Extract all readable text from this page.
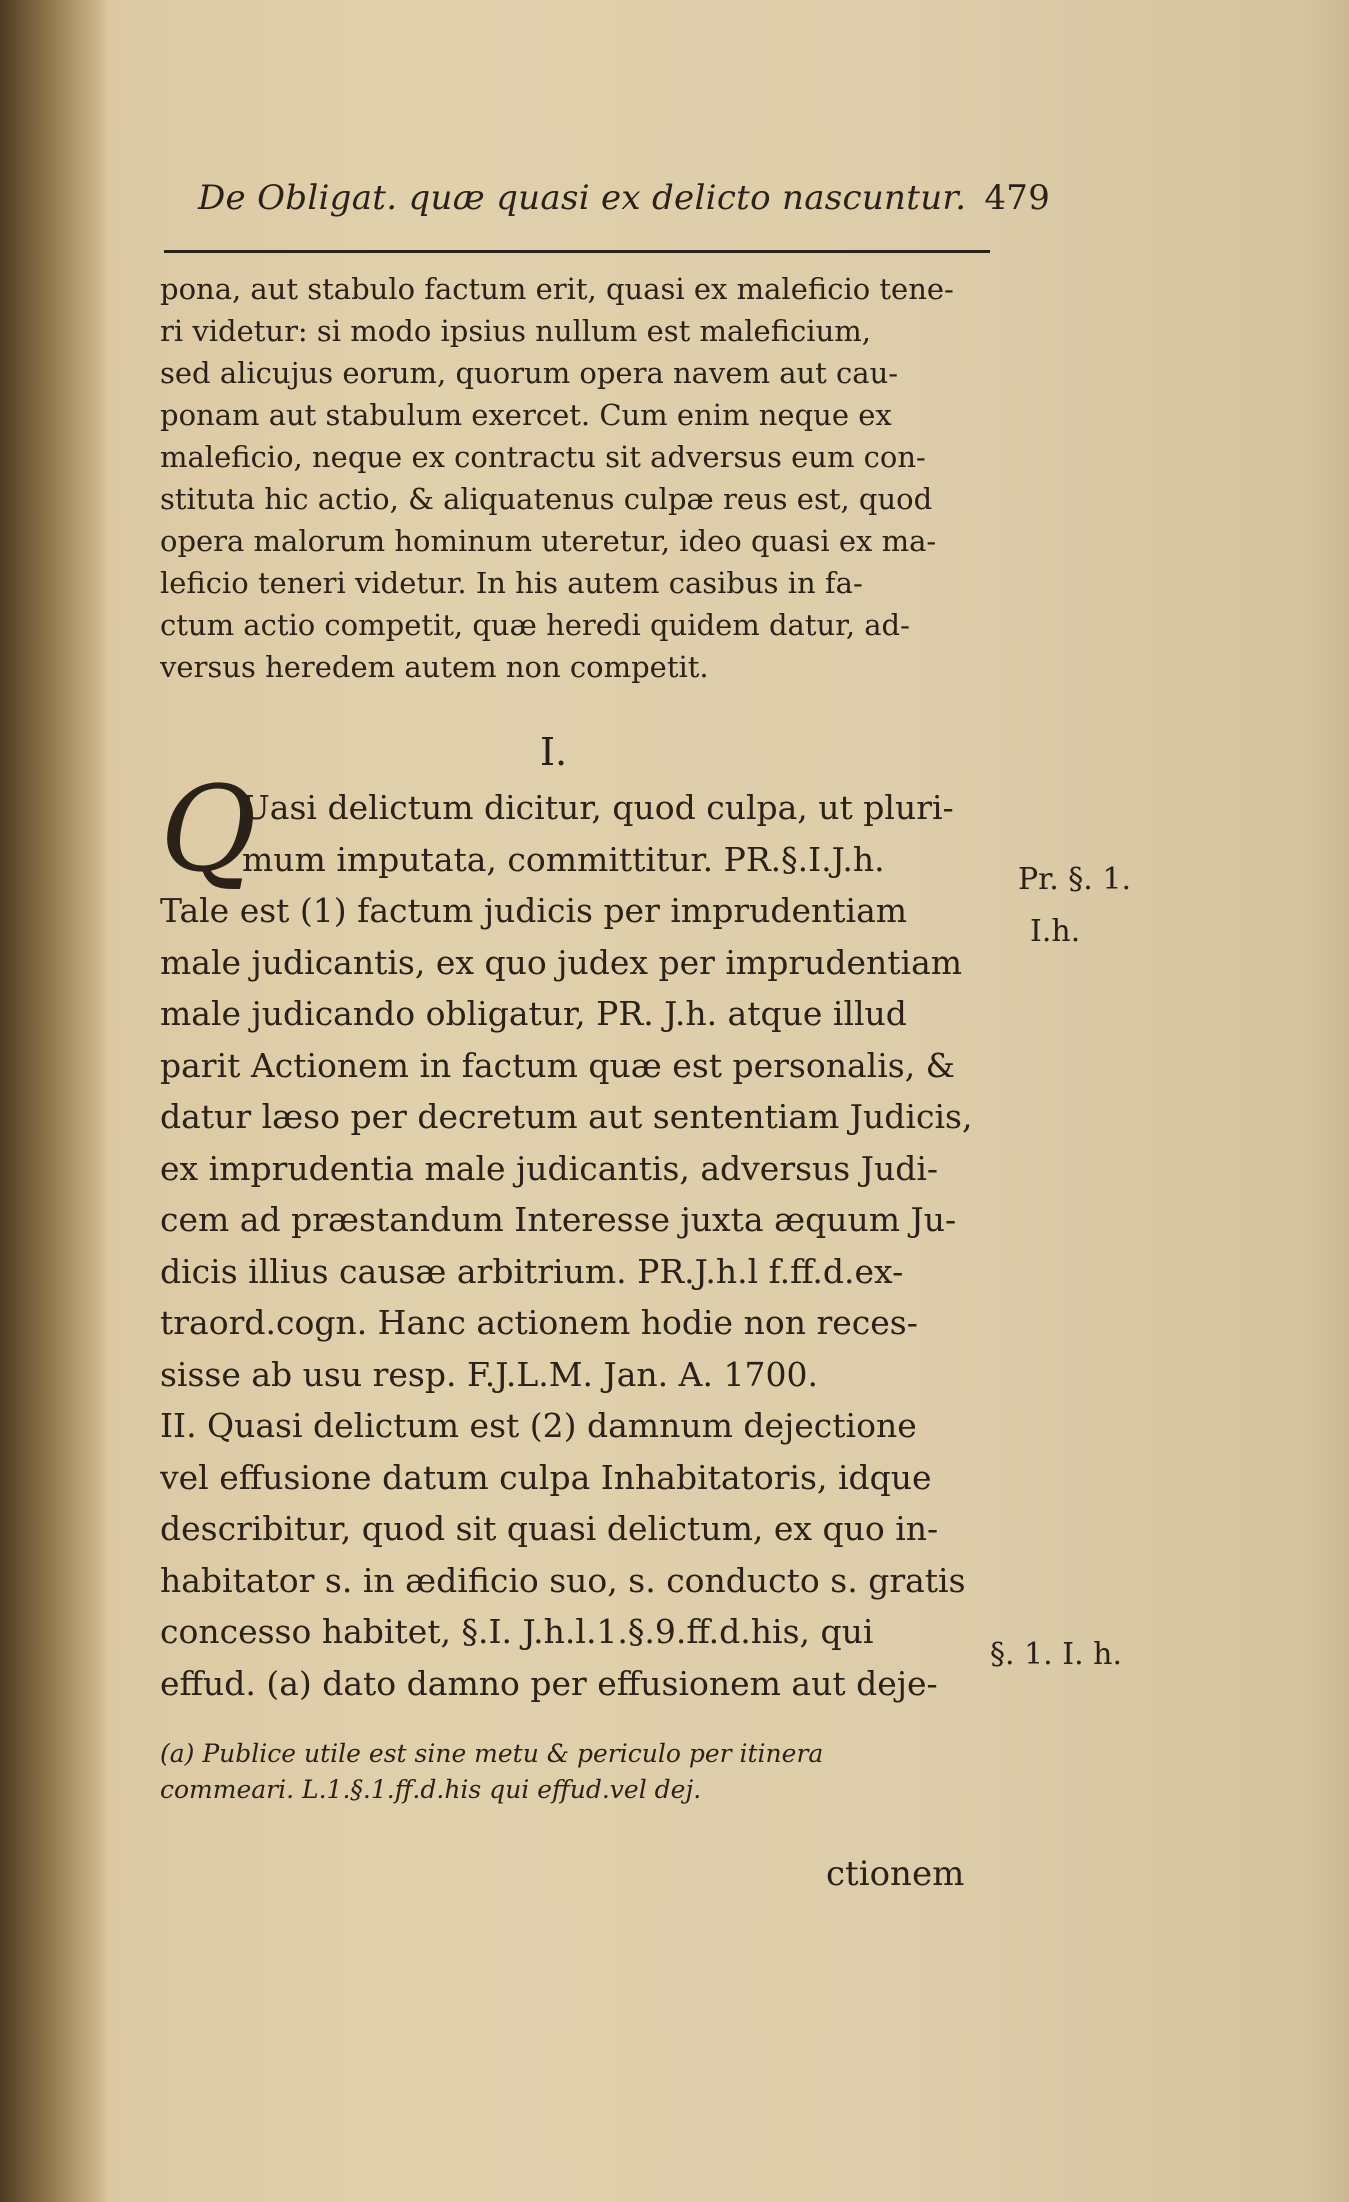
De Obligat. quæ quasi ex delicto nascuntur. 479
pona, aut stabulo factum erit, quasi ex maleficio tene-
ri videtur: si modo ipsius nullum est maleficium,
sed alicujus eorum, quorum opera navem aut cau-
ponam aut stabulum exercet. Cum enim neque ex
maleficio, neque ex contractu sit adversus eum con-
stituta hic actio, & aliquatenus culpæ reus est, quod
opera malorum hominum uteretur, ideo quasi ex ma-
leficio teneri videtur. In his autem casibus in fa-
ctum actio competit, quæ heredi quidem datur, ad-
versus heredem autem non competit.
I.
Q
Uasi delictum dicitur, quod culpa, ut pluri-
mum imputata, committitur. PR.§.I.J.h.
Tale est (1) factum judicis per imprudentiam
male judicantis, ex quo judex per imprudentiam
male judicando obligatur, PR. J.h. atque illud
parit Actionem in factum quæ est personalis, &
datur læso per decretum aut sententiam Judicis,
ex imprudentia male judicantis, adversus Judi-
cem ad præstandum Interesse juxta æquum Ju-
dicis illius causæ arbitrium. PR.J.h.l f.ff.d.ex-
traord.cogn. Hanc actionem hodie non reces-
sisse ab usu resp. F.J.L.M. Jan. A. 1700.
II. Quasi delictum est (2) damnum dejectione
vel effusione datum culpa Inhabitatoris, idque
describitur, quod sit quasi delictum, ex quo in-
habitator s. in ædificio suo, s. conducto s. gratis
concesso habitet, §.I. J.h.l.1.§.9.ff.d.his, qui
effud. (a) dato damno per effusionem aut deje-
Pr. §. 1.
I.h.
§. 1. I. h.
(a) Publice utile est sine metu & periculo per itinera
commeari. L.1.§.1.ff.d.his qui effud.vel dej.
ctionem
